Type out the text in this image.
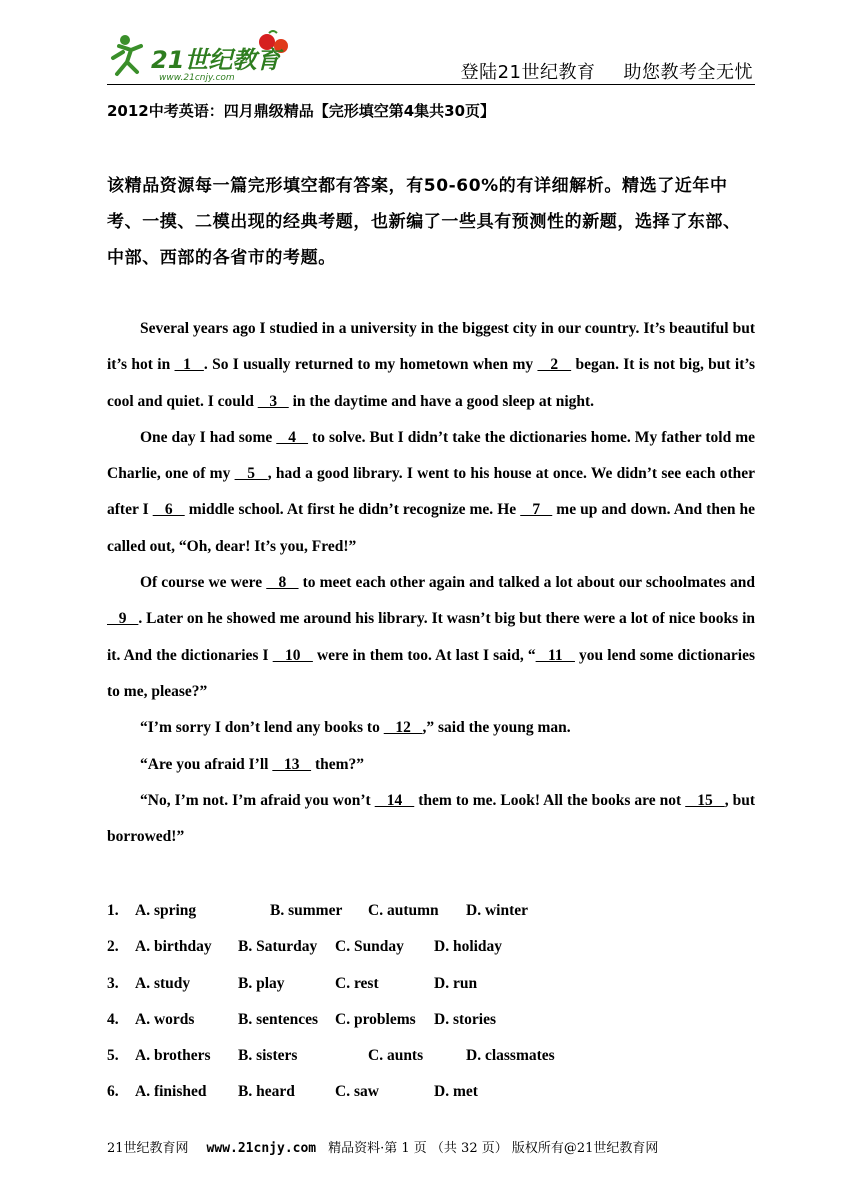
21世纪教育
www.21cnjy.com	登陆21世纪教育 助您教考全无忧
2012中考英语：四月鼎级精品【完形填空第4集共30页】
该精品资源每一篇完形填空都有答案，有50-60%的有详细解析。精选了近年中考、一摸、二模出现的经典考题，也新编了一些具有预测性的新题，选择了东部、中部、西部的各省市的考题。

Several years ago I studied in a university in the biggest city in our country. It’s beautiful but it’s hot in   1   . So I usually returned to my hometown when my    2    began. It is not big, but it’s cool and quiet. I could    3    in the daytime and have a good sleep at night.

One day I had some    4    to solve. But I didn’t take the dictionaries home. My father told me Charlie, one of my    5   , had a good library. I went to his house at once. We didn’t see each other after I    6    middle school. At first he didn’t recognize me. He    7    me up and down. And then he called out, “Oh, dear! It’s you, Fred!”

Of course we were    8    to meet each other again and talked a lot about our schoolmates and    9   . Later on he showed me around his library. It wasn’t big but there were a lot of nice books in it. And the dictionaries I    10    were in them too. At last I said, “   11    you lend some dictionaries to me, please?”

“I’m sorry I don’t lend any books to    12   ,” said the young man.

“Are you afraid I’ll    13    them?”

“No, I’m not. I’m afraid you won’t    14    them to me. Look! All the books are not    15   , but borrowed!”

1. A. spring	B. summer C. autumn D. winter
2. A. birthday B. Saturday C. Sunday D. holiday
3. A. study	B. play	C. rest	D. run
4. A. words	B. sentences C. problems D. stories
5. A. brothers B. sisters	C. aunts	D. classmates
6. A. finished B. heard	C. saw	D. met
21世纪教育网 www.21cnjy.com 精品资料·第 1 页 （共 32 页） 版权所有@21世纪教育网
